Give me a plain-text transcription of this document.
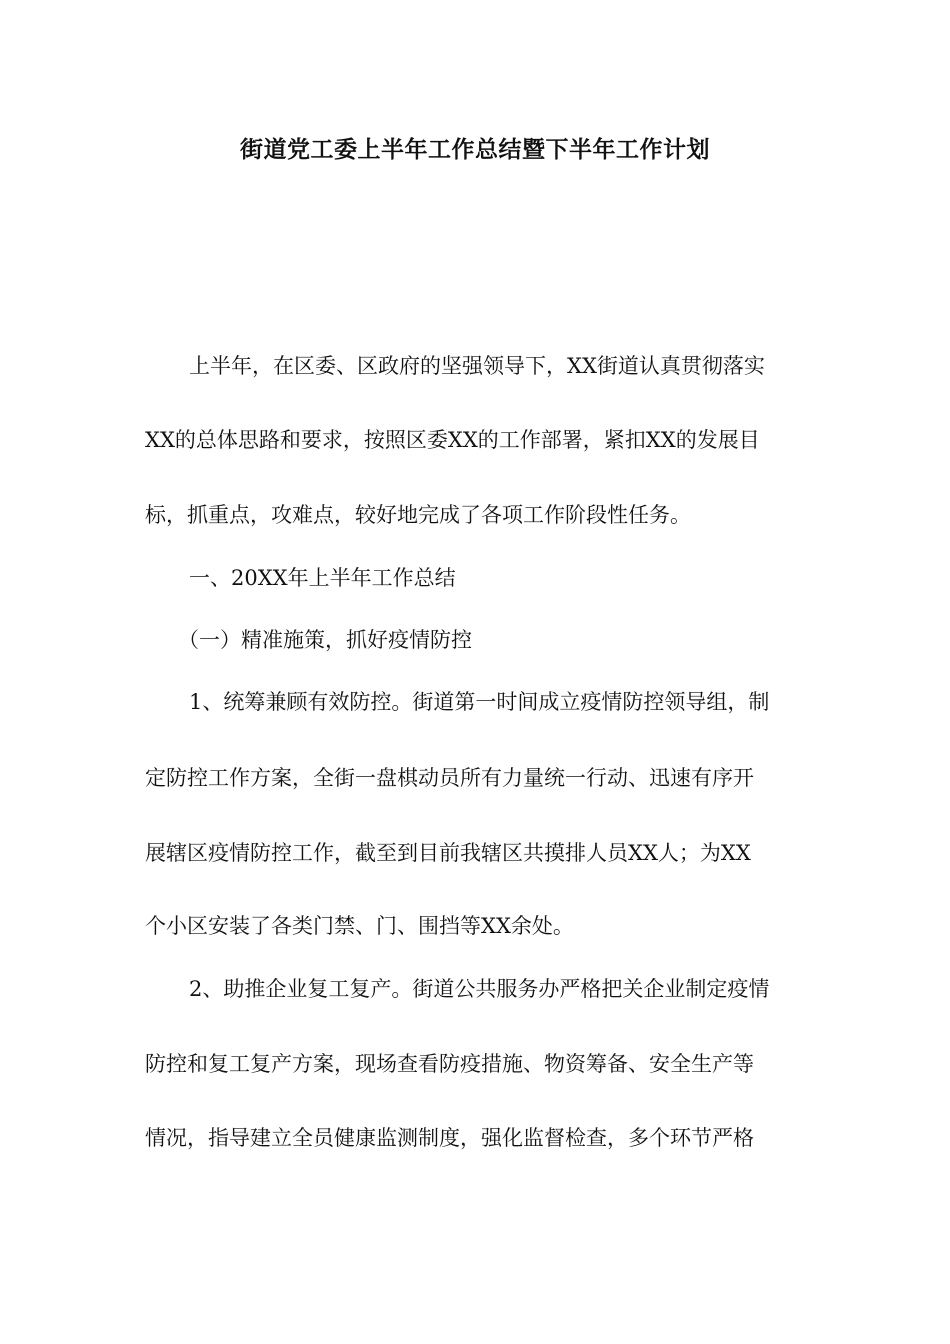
街道党工委上半年工作总结暨下半年工作计划

上半年，在区委、区政府的坚强领导下，XX街道认真贯彻落实

XX的总体思路和要求，按照区委XX的工作部署，紧扣XX的发展目

标，抓重点，攻难点，较好地完成了各项工作阶段性任务。

一、20XX年上半年工作总结

（一）精准施策，抓好疫情防控

1、统筹兼顾有效防控。街道第一时间成立疫情防控领导组，制

定防控工作方案，全街一盘棋动员所有力量统一行动、迅速有序开

展辖区疫情防控工作，截至到目前我辖区共摸排人员XX人；为XX

个小区安装了各类门禁、门、围挡等XX余处。

2、助推企业复工复产。街道公共服务办严格把关企业制定疫情

防控和复工复产方案，现场查看防疫措施、物资筹备、安全生产等

情况，指导建立全员健康监测制度，强化监督检查，多个环节严格
